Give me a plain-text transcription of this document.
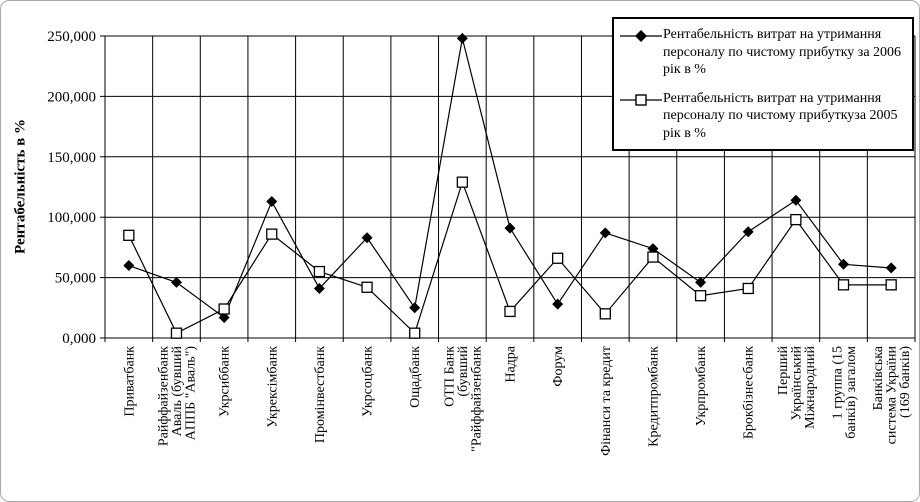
0,000
50,000
100,000
150,000
200,000
250,000
Приватбанк Райффайзенбанк
Аваль (бувший
АППБ "Аваль") Укрсиббанк Укрексімбанк Промінвестбанк Укрсоцбанк Ощадбанк ОТП Банк
(бувший
"Райффайзенбанк Надра Форум Фінанси та кредит Кредитпромбанк Укрпромбанк Брокбізнесбанк Перший
Український
Міжнародний 1 группа (15
банків) загалом Банківська
система України
(169 банків)
Рентабельність в %
Рентабельність витрат на утримання персоналу по чистому прибутку за 2006 рік в %
Рентабельність витрат на утримання персоналу по чистому прибуткуза 2005 рік в %
